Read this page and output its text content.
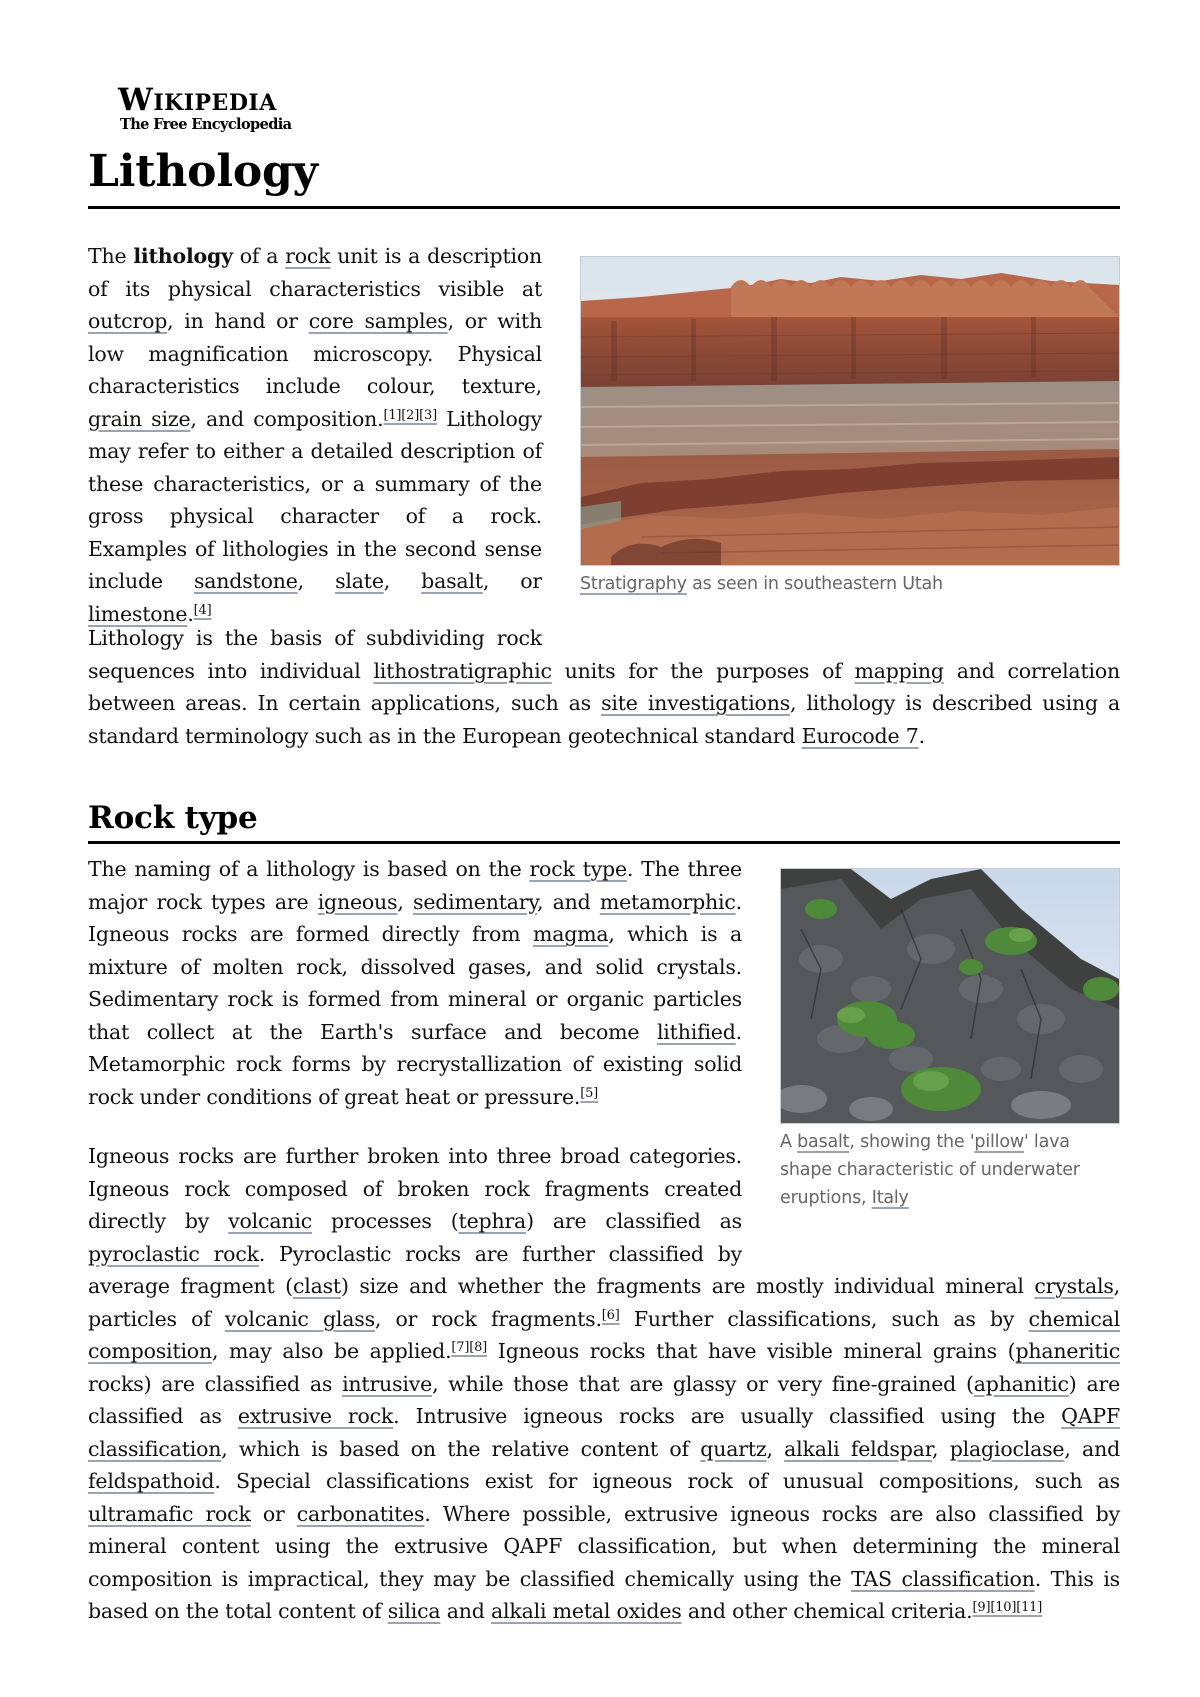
Wikipedia
The Free Encyclopedia
Lithology

The lithology of a rock unit is a description of its physical characteristics visible at outcrop, in hand or core samples, or with low magnification microscopy. Physical characteristics include colour, texture, grain size, and composition.[1][2][3] Lithology may refer to either a detailed description of these characteristics, or a summary of the gross physical character of a rock. Examples of lithologies in the second sense include sandstone, slate, basalt, or limestone.[4]

Lithology is the basis of subdividing rock sequences into individual lithostratigraphic units for the purposes of mapping and correlation between areas. In certain applications, such as site investigations, lithology is described using a standard terminology such as in the European geotechnical standard Eurocode 7.

Stratigraphy as seen in southeastern Utah
Rock type

The naming of a lithology is based on the rock type. The three major rock types are igneous, sedimentary, and metamorphic. Igneous rocks are formed directly from magma, which is a mixture of molten rock, dissolved gases, and solid crystals. Sedimentary rock is formed from mineral or organic particles that collect at the Earth's surface and become lithified. Metamorphic rock forms by recrystallization of existing solid rock under conditions of great heat or pressure.[5]

Igneous rocks are further broken into three broad categories. Igneous rock composed of broken rock fragments created directly by volcanic processes (tephra) are classified as pyroclastic rock. Pyroclastic rocks are further classified by average fragment (clast) size and whether the fragments are mostly individual mineral crystals, particles of volcanic glass, or rock fragments.[6] Further classifications, such as by chemical composition, may also be applied.[7][8] Igneous rocks that have visible mineral grains (phaneritic rocks) are classified as intrusive, while those that are glassy or very fine-grained (aphanitic) are classified as extrusive rock. Intrusive igneous rocks are usually classified using the QAPF classification, which is based on the relative content of quartz, alkali feldspar, plagioclase, and feldspathoid. Special classifications exist for igneous rock of unusual compositions, such as ultramafic rock or carbonatites. Where possible, extrusive igneous rocks are also classified by mineral content using the extrusive QAPF classification, but when determining the mineral composition is impractical, they may be classified chemically using the TAS classification. This is based on the total content of silica and alkali metal oxides and other chemical criteria.[9][10][11]

A basalt, showing the 'pillow' lava shape characteristic of underwater eruptions, Italy
